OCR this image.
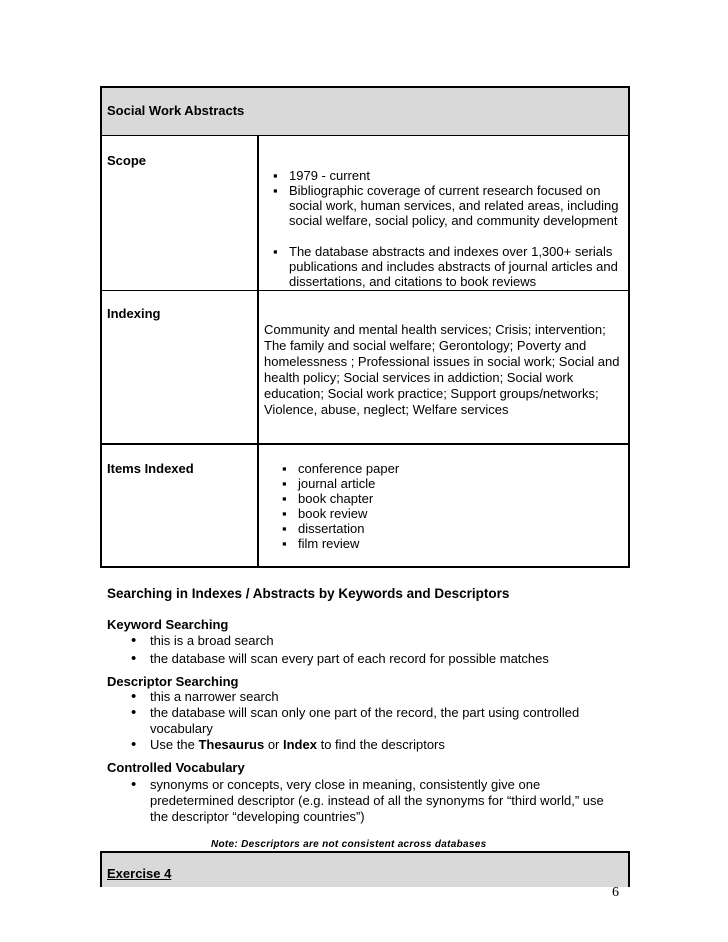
Social Work Abstracts
Scope
▪ 1979 - current
▪ Bibliographic coverage of current research focused on social work, human services, and related areas, including social welfare, social policy, and community development
▪ The database abstracts and indexes over 1,300+ serials publications and includes abstracts of journal articles and dissertations, and citations to book reviews
Indexing
Community and mental health services; Crisis; intervention; The family and social welfare; Gerontology; Poverty and homelessness ; Professional issues in social work; Social and health policy; Social services in addiction; Social work education; Social work practice; Support groups/networks; Violence, abuse, neglect; Welfare services
Items Indexed
▪	conference paper
▪ journal article
▪ book chapter
▪ book review
▪ dissertation
▪ film review
Searching in Indexes / Abstracts by Keywords and Descriptors
Keyword Searching
• this is a broad search
• the database will scan every part of each record for possible matches
Descriptor Searching
• this a narrower search
• the database will scan only one part of the record, the part using controlled vocabulary
• Use the Thesaurus or Index to find the descriptors
Controlled Vocabulary
• synonyms or concepts, very close in meaning, consistently give one predetermined descriptor (e.g. instead of all the synonyms for “third world,” use the descriptor “developing countries”)
Note: Descriptors are not consistent across databases
Exercise 4
6
